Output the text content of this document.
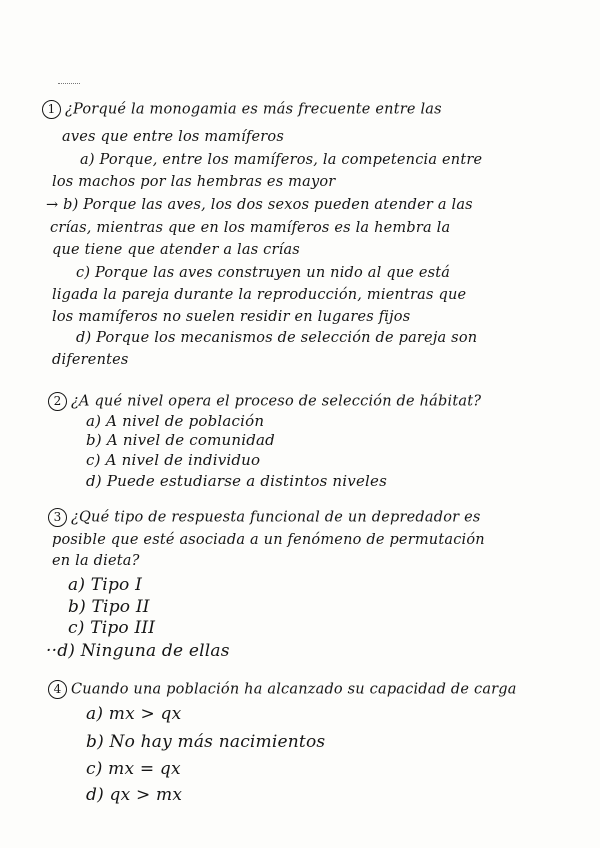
1 ¿Porqué la monogamia es más frecuente entre las
aves que entre los mamíferos
a) Porque, entre los mamíferos, la competencia entre
los machos por las hembras es mayor
→ b) Porque las aves, los dos sexos pueden atender a las
crías, mientras que en los mamíferos es la hembra la
que tiene que atender a las crías
c) Porque las aves construyen un nido al que está
ligada la pareja durante la reproducción, mientras que
los mamíferos no suelen residir en lugares fijos
d) Porque los mecanismos de selección de pareja son
diferentes
2 ¿A qué nivel opera el proceso de selección de hábitat?
a) A nivel de población
b) A nivel de comunidad
c) A nivel de individuo
d) Puede estudiarse a distintos niveles
3 ¿Qué tipo de respuesta funcional de un depredador es
posible que esté asociada a un fenómeno de permutación
en la dieta?
a) Tipo I
b) Tipo II
c) Tipo III
··d) Ninguna de ellas
4 Cuando una población ha alcanzado su capacidad de carga
a) mx > qx
b) No hay más nacimientos
c) mx = qx
d) qx > mx
